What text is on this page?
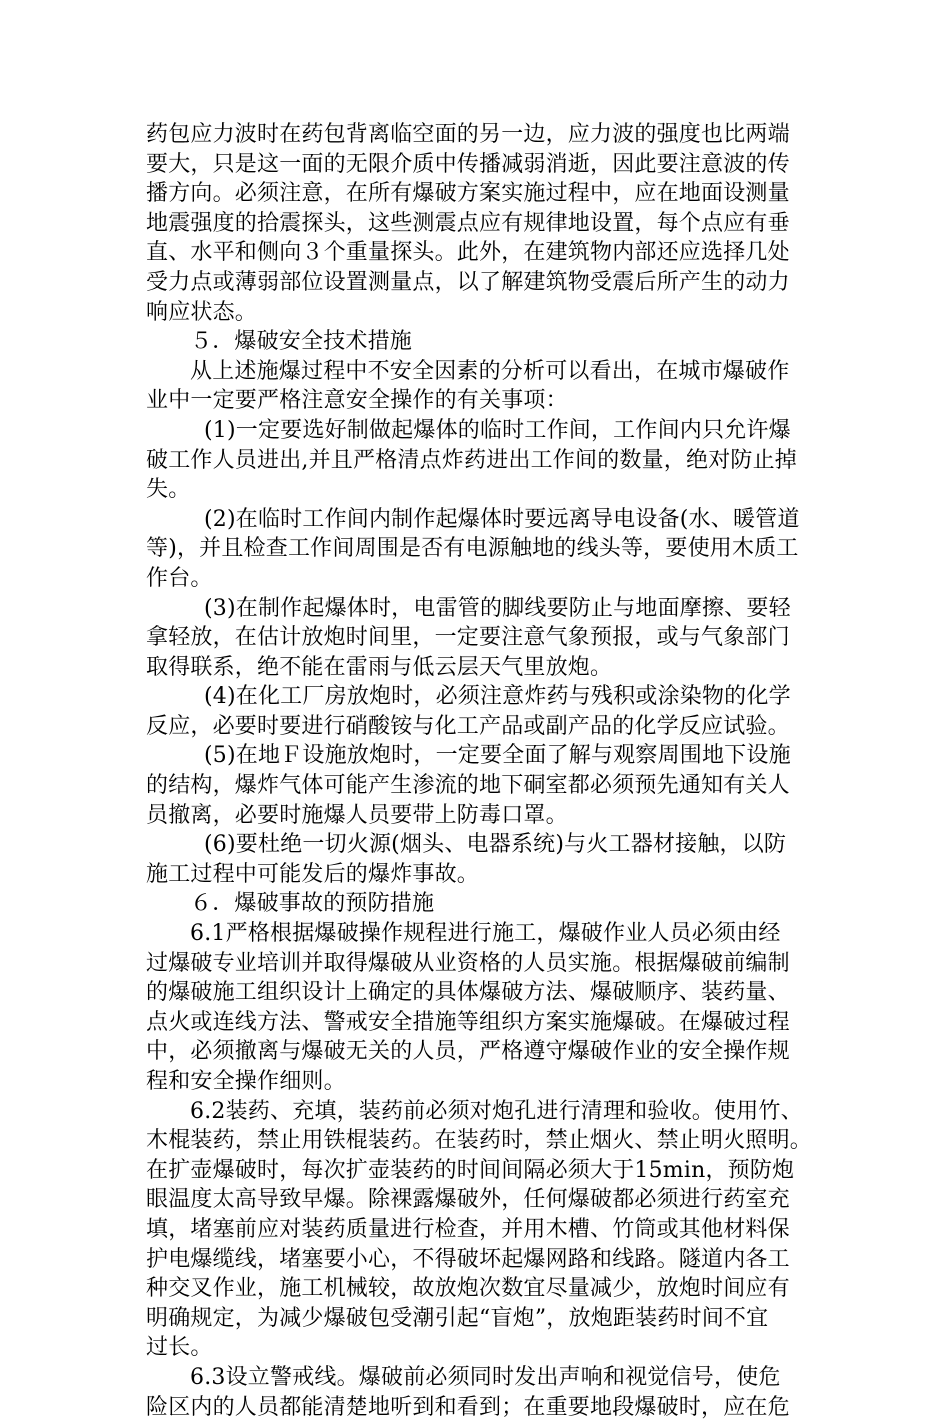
药包应力波时在药包背离临空面的另一边，应力波的强度也比两端
要大，只是这一面的无限介质中传播减弱消逝，因此要注意波的传
播方向。必须注意，在所有爆破方案实施过程中，应在地面设测量
地震强度的拾震探头，这些测震点应有规律地设置，每个点应有垂
直、水平和侧向３个重量探头。此外，在建筑物内部还应选择几处
受力点或薄弱部位设置测量点，以了解建筑物受震后所产生的动力
响应状态。
５．爆破安全技术措施
从上述施爆过程中不安全因素的分析可以看出，在城市爆破作
业中一定要严格注意安全操作的有关事项：
(1)一定要选好制做起爆体的临时工作间，工作间内只允许爆
破工作人员进出,并且严格清点炸药进出工作间的数量，绝对防止掉
失。
(2)在临时工作间内制作起爆体时要远离导电设备(水、暖管道
等)，并且检查工作间周围是否有电源触地的线头等，要使用木质工
作台。
(3)在制作起爆体时，电雷管的脚线要防止与地面摩擦、要轻
拿轻放，在估计放炮时间里，一定要注意气象预报，或与气象部门
取得联系，绝不能在雷雨与低云层天气里放炮。
(4)在化工厂房放炮时，必须注意炸药与残积或涂染物的化学
反应，必要时要进行硝酸铵与化工产品或副产品的化学反应试验。
(5)在地Ｆ设施放炮时，一定要全面了解与观察周围地下设施
的结构，爆炸气体可能产生渗流的地下硐室都必须预先通知有关人
员撤离，必要时施爆人员要带上防毒口罩。
(6)要杜绝一切火源(烟头、电器系统)与火工器材接触，以防
施工过程中可能发后的爆炸事故。
６．爆破事故的预防措施
6.1严格根据爆破操作规程进行施工，爆破作业人员必须由经
过爆破专业培训并取得爆破从业资格的人员实施。根据爆破前编制
的爆破施工组织设计上确定的具体爆破方法、爆破顺序、装药量、
点火或连线方法、警戒安全措施等组织方案实施爆破。在爆破过程
中，必须撤离与爆破无关的人员，严格遵守爆破作业的安全操作规
程和安全操作细则。
6.2装药、充填，装药前必须对炮孔进行清理和验收。使用竹、
木棍装药，禁止用铁棍装药。在装药时，禁止烟火、禁止明火照明。
在扩壶爆破时，每次扩壶装药的时间间隔必须大于15min，预防炮
眼温度太高导致早爆。除裸露爆破外，任何爆破都必须进行药室充
填，堵塞前应对装药质量进行检查，并用木槽、竹筒或其他材料保
护电爆缆线，堵塞要小心，不得破坏起爆网路和线路。隧道内各工
种交叉作业，施工机械较，故放炮次数宜尽量减少，放炮时间应有
明确规定，为减少爆破包受潮引起“盲炮”，放炮距装药时间不宜
过长。
6.3设立警戒线。爆破前必须同时发出声响和视觉信号，使危
险区内的人员都能清楚地听到和看到；在重要地段爆破时，应在危
